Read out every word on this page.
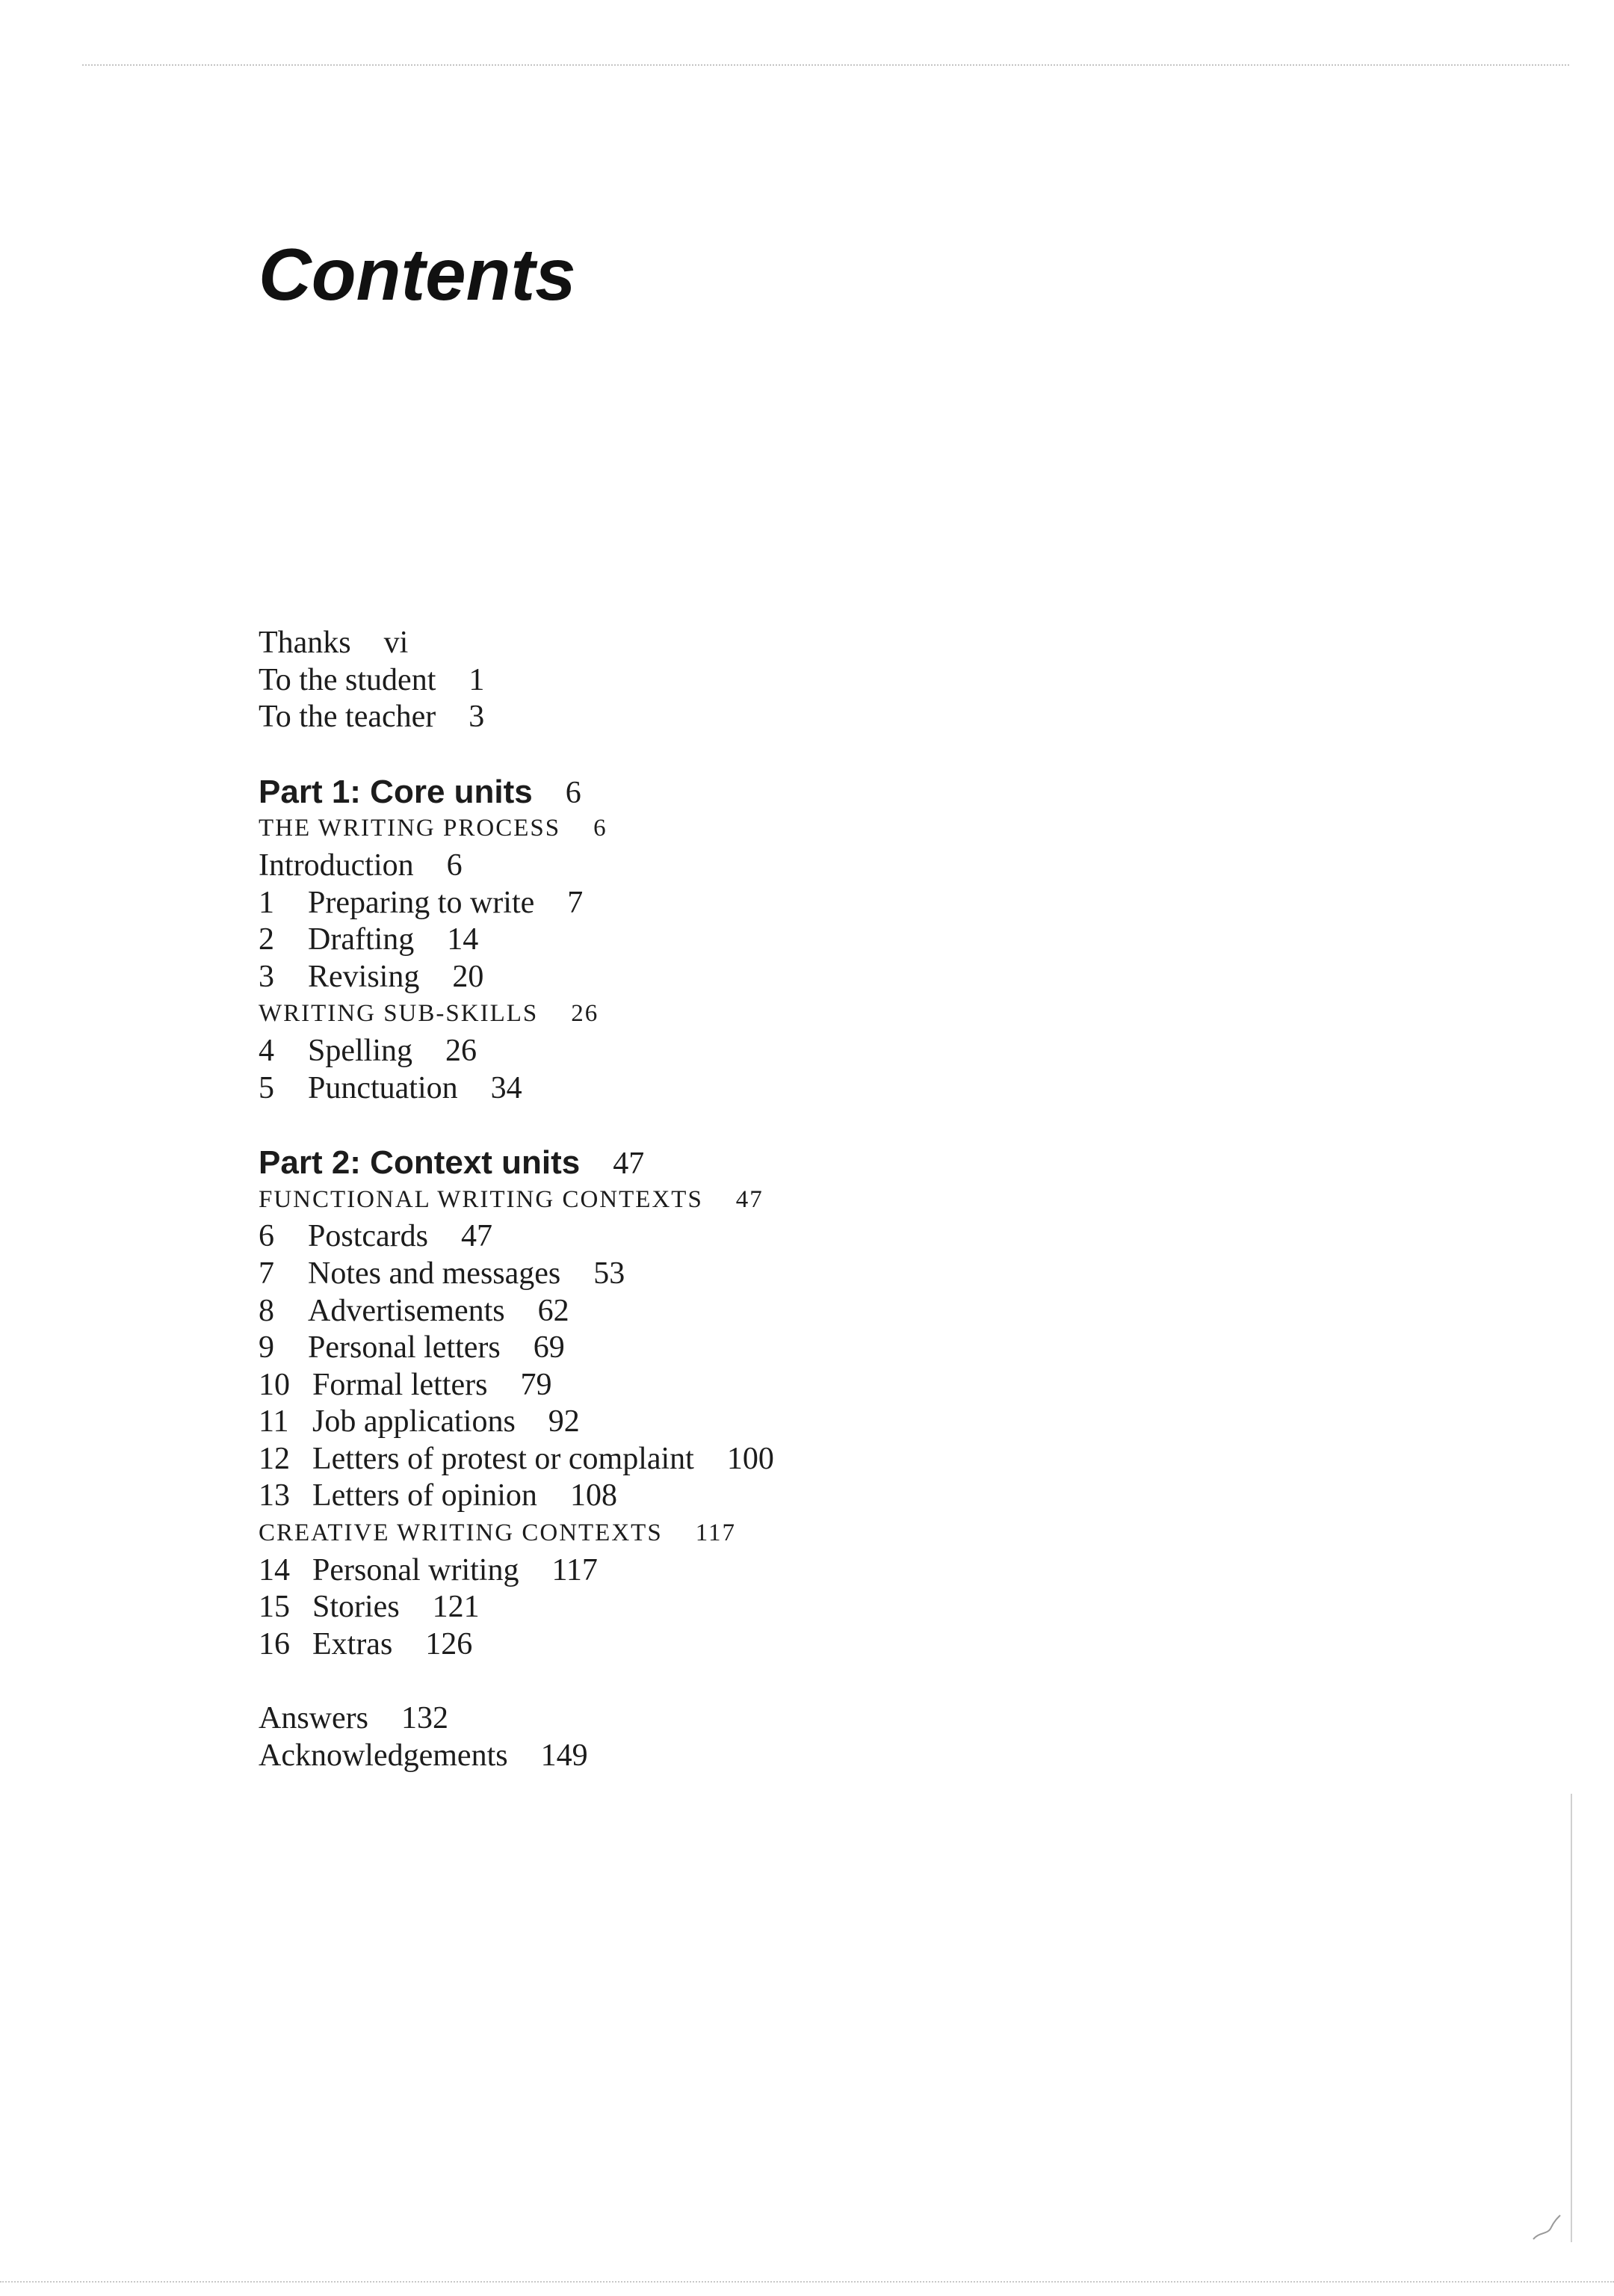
Contents
Thanks vi
To the student 1
To the teacher 3
Part 1: Core units 6
THE WRITING PROCESS 6
Introduction 6
1 Preparing to write 7
2 Drafting 14
3 Revising 20
WRITING SUB-SKILLS 26
4 Spelling 26
5 Punctuation 34
Part 2: Context units 47
FUNCTIONAL WRITING CONTEXTS 47
6 Postcards 47
7 Notes and messages 53
8 Advertisements 62
9 Personal letters 69
10 Formal letters 79
11 Job applications 92
12 Letters of protest or complaint 100
13 Letters of opinion 108
CREATIVE WRITING CONTEXTS 117
14 Personal writing 117
15 Stories 121
16 Extras 126
Answers 132
Acknowledgements 149
